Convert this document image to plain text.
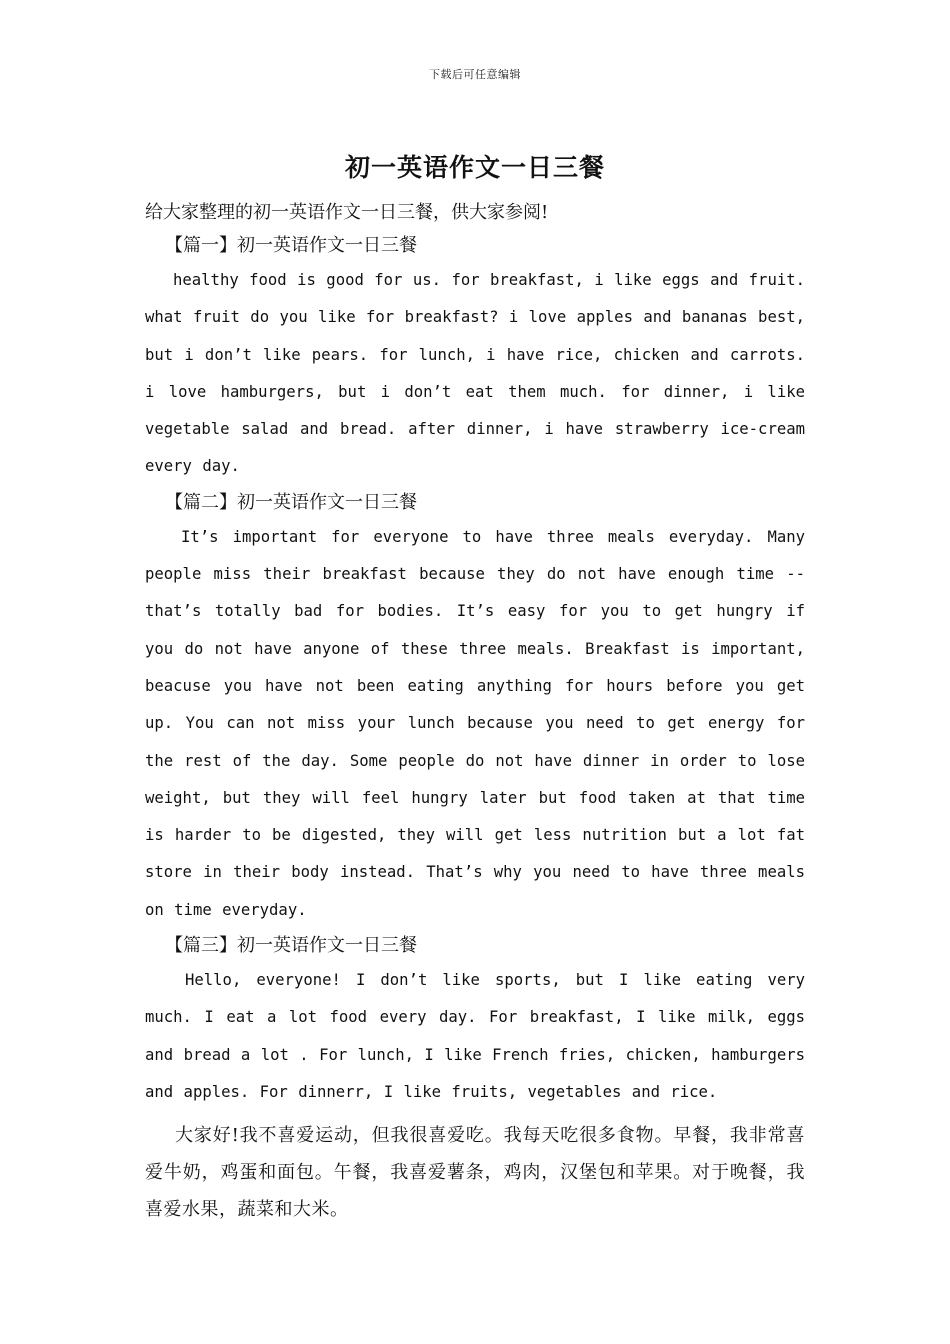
下载后可任意编辑
初一英语作文一日三餐

给大家整理的初一英语作文一日三餐，供大家参阅!

【篇一】初一英语作文一日三餐

healthy food is good for us. for breakfast, i like eggs and fruit. what fruit do you like for breakfast? i love apples and bananas best, but i don’t like pears. for lunch, i have rice, chicken and carrots. i love hamburgers, but i don’t eat them much. for dinner, i like vegetable salad and bread. after dinner, i have strawberry ice-cream every day.

【篇二】初一英语作文一日三餐

It’s important for everyone to have three meals everyday. Many people miss their breakfast because they do not have enough time -- that’s totally bad for bodies. It’s easy for you to get hungry if you do not have anyone of these three meals. Breakfast is important, beacuse you have not been eating anything for hours before you get up. You can not miss your lunch because you need to get energy for the rest of the day. Some people do not have dinner in order to lose weight, but they will feel hungry later but food taken at that time is harder to be digested, they will get less nutrition but a lot fat store in their body instead. That’s why you need to have three meals on time everyday.

【篇三】初一英语作文一日三餐

Hello, everyone! I don’t like sports, but I like eating very much. I eat a lot food every day. For breakfast, I like milk, eggs and bread a lot . For lunch, I like French fries, chicken, hamburgers and apples. For dinnerr, I like fruits, vegetables and rice.

大家好!我不喜爱运动，但我很喜爱吃。我每天吃很多食物。早餐，我非常喜爱牛奶，鸡蛋和面包。午餐，我喜爱薯条，鸡肉，汉堡包和苹果。对于晚餐，我喜爱水果，蔬菜和大米。
